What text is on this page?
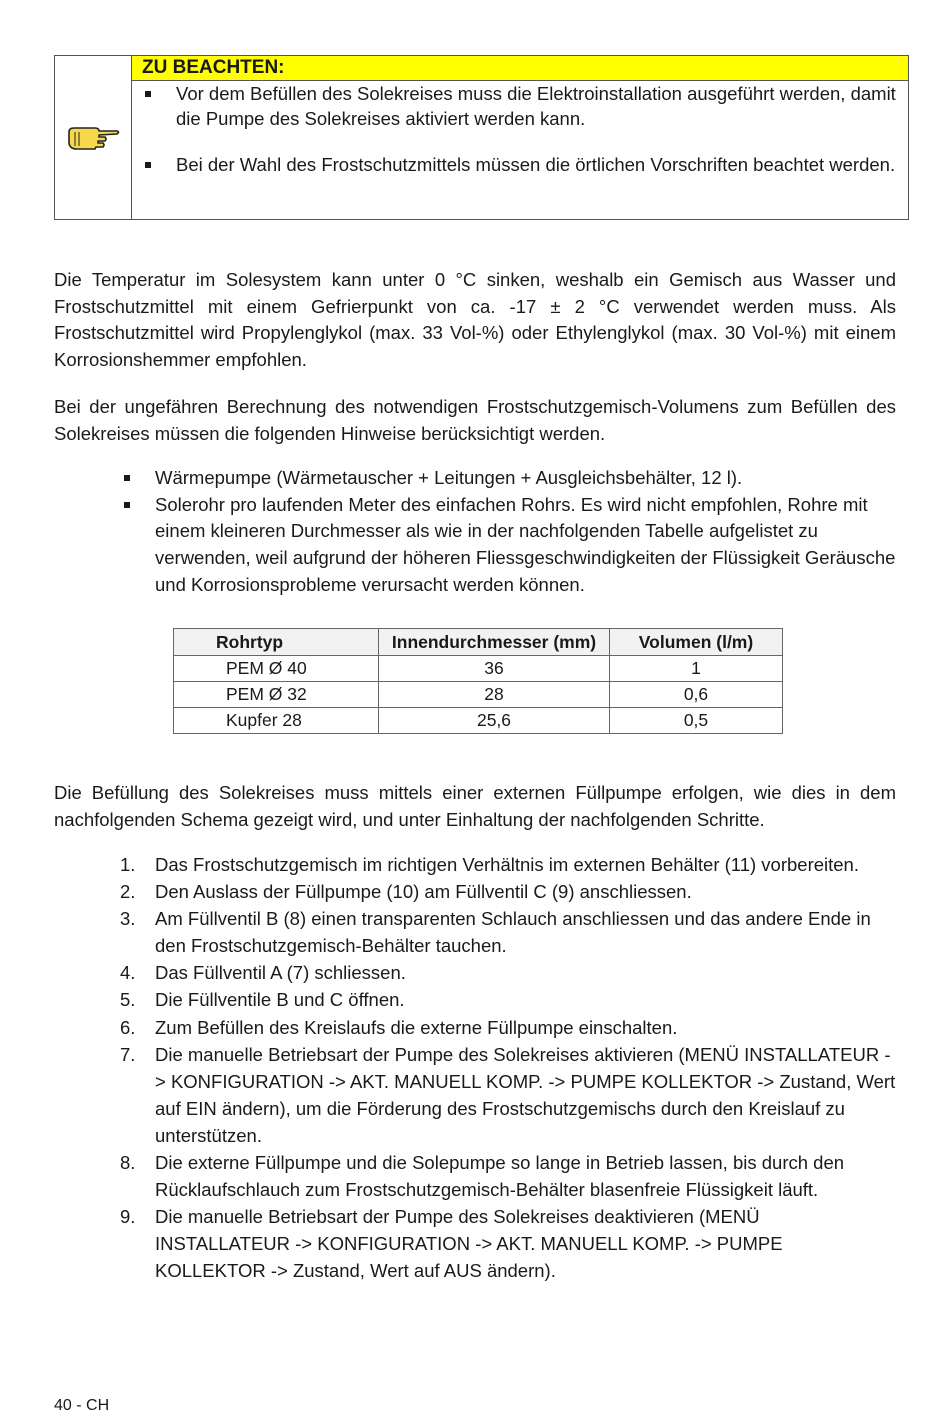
ZU BEACHTEN:
Vor dem Befüllen des Solekreises muss die Elektroinstallation ausgeführt werden, damit die Pumpe des Solekreises aktiviert werden kann.
Bei der Wahl des Frostschutzmittels müssen die örtlichen Vorschriften beachtet werden.

Die Temperatur im Solesystem kann unter 0 °C sinken, weshalb ein Gemisch aus Wasser und Frostschutzmittel mit einem Gefrierpunkt von ca. -17 ± 2 °C verwendet werden muss. Als Frostschutzmittel wird Propylenglykol (max. 33 Vol-%) oder Ethylenglykol (max. 30 Vol-%) mit einem Korrosionshemmer empfohlen.

Bei der ungefähren Berechnung des notwendigen Frostschutzgemisch-Volumens zum Befüllen des Solekreises müssen die folgenden Hinweise berücksichtigt werden.

Wärmepumpe (Wärmetauscher + Leitungen + Ausgleichsbehälter, 12 l).
Solerohr pro laufenden Meter des einfachen Rohrs. Es wird nicht empfohlen, Rohre mit einem kleineren Durchmesser als wie in der nachfolgenden Tabelle aufgelistet zu verwenden, weil aufgrund der höheren Fliessgeschwindigkeiten der Flüssigkeit Geräusche und Korrosionsprobleme verursacht werden können.
Rohrtyp	Innendurchmesser (mm)	Volumen (l/m)
PEM Ø 40	36	1
PEM Ø 32	28	0,6
Kupfer 28	25,6	0,5

Die Befüllung des Solekreises muss mittels einer externen Füllpumpe erfolgen, wie dies in dem nachfolgenden Schema gezeigt wird, und unter Einhaltung der nachfolgenden Schritte.

1. Das Frostschutzgemisch im richtigen Verhältnis im externen Behälter (11) vorbereiten.
2. Den Auslass der Füllpumpe (10) am Füllventil C (9) anschliessen.
3. Am Füllventil B (8) einen transparenten Schlauch anschliessen und das andere Ende in den Frostschutzgemisch-Behälter tauchen.
4. Das Füllventil A (7) schliessen.
5. Die Füllventile B und C öffnen.
6. Zum Befüllen des Kreislaufs die externe Füllpumpe einschalten.
7. Die manuelle Betriebsart der Pumpe des Solekreises aktivieren (MENÜ INSTALLATEUR -> KONFIGURATION -> AKT. MANUELL KOMP. -> PUMPE KOLLEKTOR -> Zustand, Wert auf EIN ändern), um die Förderung des Frostschutzgemischs durch den Kreislauf zu unterstützen.
8. Die externe Füllpumpe und die Solepumpe so lange in Betrieb lassen, bis durch den Rücklaufschlauch zum Frostschutzgemisch-Behälter blasenfreie Flüssigkeit läuft.
9. Die manuelle Betriebsart der Pumpe des Solekreises deaktivieren (MENÜ INSTALLATEUR -> KONFIGURATION -> AKT. MANUELL KOMP. -> PUMPE KOLLEKTOR -> Zustand, Wert auf AUS ändern).
40 - CH
